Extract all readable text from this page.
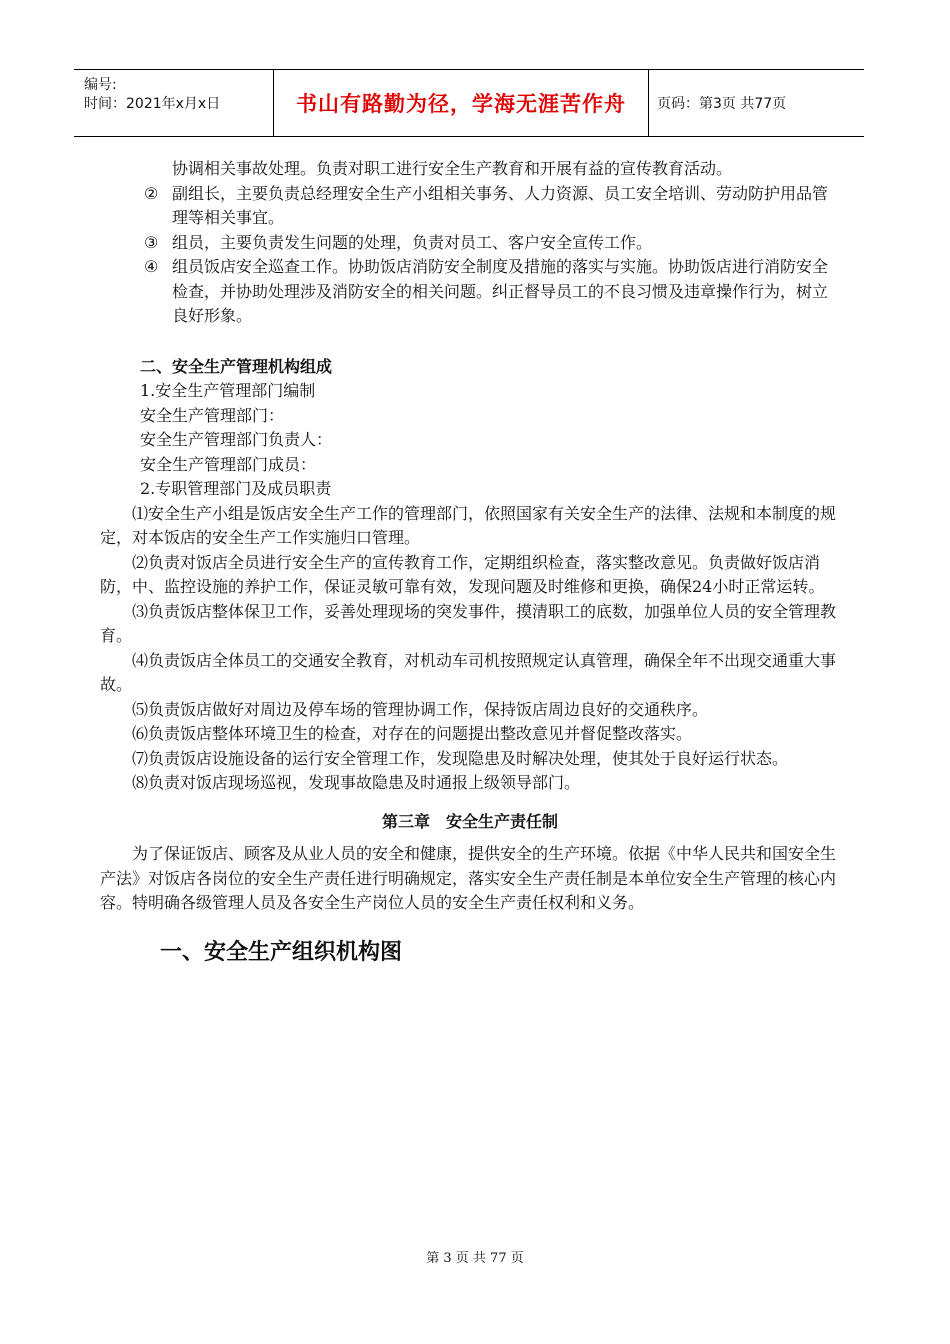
编号:
时间：2021年x月x日	书山有路勤为径，学海无涯苦作舟	页码：第3页 共77页
协调相关事故处理。负责对职工进行安全生产教育和开展有益的宣传教育活动。
② 副组长，主要负责总经理安全生产小组相关事务、人力资源、员工安全培训、劳动防护用品管理等相关事宜。
③ 组员，主要负责发生问题的处理，负责对员工、客户安全宣传工作。
④ 组员饭店安全巡查工作。协助饭店消防安全制度及措施的落实与实施。协助饭店进行消防安全检查，并协助处理涉及消防安全的相关问题。纠正督导员工的不良习惯及违章操作行为，树立良好形象。
二、安全生产管理机构组成
1.安全生产管理部门编制
安全生产管理部门：
安全生产管理部门负责人：
安全生产管理部门成员：
2.专职管理部门及成员职责
⑴安全生产小组是饭店安全生产工作的管理部门，依照国家有关安全生产的法律、法规和本制度的规定，对本饭店的安全生产工作实施归口管理。
⑵负责对饭店全员进行安全生产的宣传教育工作，定期组织检查，落实整改意见。负责做好饭店消防，中、监控设施的养护工作，保证灵敏可靠有效，发现问题及时维修和更换，确保24小时正常运转。
⑶负责饭店整体保卫工作，妥善处理现场的突发事件，摸清职工的底数，加强单位人员的安全管理教育。
⑷负责饭店全体员工的交通安全教育，对机动车司机按照规定认真管理，确保全年不出现交通重大事故。
⑸负责饭店做好对周边及停车场的管理协调工作，保持饭店周边良好的交通秩序。
⑹负责饭店整体环境卫生的检查，对存在的问题提出整改意见并督促整改落实。
⑺负责饭店设施设备的运行安全管理工作，发现隐患及时解决处理，使其处于良好运行状态。
⑻负责对饭店现场巡视，发现事故隐患及时通报上级领导部门。
第三章　安全生产责任制
为了保证饭店、顾客及从业人员的安全和健康，提供安全的生产环境。依据《中华人民共和国安全生产法》对饭店各岗位的安全生产责任进行明确规定，落实安全生产责任制是本单位安全生产管理的核心内容。特明确各级管理人员及各安全生产岗位人员的安全生产责任权利和义务。
一、安全生产组织机构图
第 3 页 共 77 页
